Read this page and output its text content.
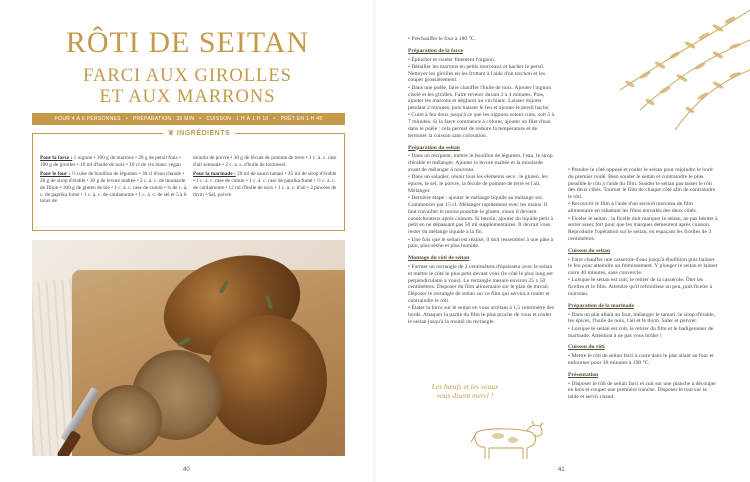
RÔTI DE SEITAN
FARCI AUX GIROLLES
ET AUX MARRONS
POUR 4 À 6 PERSONNES • PRÉPARATION : 35 MIN • CUISSON : 1 H À 1 H 10 • PRÊT EN 1 H 45
❦ INGRÉDIENTS

Pour la farce : 1 oignon • 100 g de marrons • 20 g de persil frais • 100 g de girolles • 10 ml d'huile de noix • 10 cl de vin blanc vegan

Pour le four : ½ cube de bouillon de légumes • 30 cl d'eau chaude • 20 g de sirop d'érable • 30 g de levure maltée • 2 c. à. c. de moutarde de Dijon • 300 g de gluten de blé • 1 c. à. c. rase de cumin • ¾ de c. à. c. de paprika fumé • 1 c. à. c. de cardamome • 1 c. à. c. de sel et 5 à 6 tours de

moulin de poivre • 30 g de fécule de pomme de terre • 1 c. à. c. rase d'ail semoule • 2 c. à. s. d'huile de tournesol

Pour la marinade : 20 ml de sauce tamari • 45 ml de sirop d'érable • 1 c. à. c. rase de cumin • 1 c. à. c. rase de paprika fumé • ½ c. à. c. de cardamome • 12 ml d'huile de noix • 1 c. à. c. d'ail • 2 pincées de thym • Sel, poivre

40

• Préchauffer le four à 180 °C.

Préparation de la farce

• Éplucher et ciseler finement l'oignon.

• Détailler les marrons en petits morceaux et hacher le persil. Nettoyer les girolles en les frottant à l'aide d'un torchon et les couper grossièrement.

• Dans une poêle, faire chauffer l'huile de noix. Ajouter l'oignon ciselé et les girolles. Faire revenir durant 3 à 4 minutes. Puis, ajouter les marrons et déglacer au vin blanc. Laisser mijoter pendant 2 minutes, puis baisser le feu et ajouter le persil haché.

• Cuire à feu doux jusqu'à ce que les oignons soient cuits, soit 5 à 7 minutes. Si la farce commence à colorer, ajouter un filet d'eau dans le poêle : cela permet de réduire la température et de terminer la cuisson sans coloration.

Préparation du seitan

• Dans un récipient, mettre le bouillon de légumes, l'eau, le sirop d'érable et mélanger. Ajouter la levure maltée et la moutarde avant de mélanger à nouveau.

• Dans un saladier, réunir tous les éléments secs : le gluten, les épices, le sel, le poivre, la fécule de pomme de terre et l'ail. Mélanger.

• Dernière étape : ajouter le mélange liquide au mélange sec. Commencer par 15 cl. Mélanger rapidement avec les mains. Il faut travailler le moins possible le gluten, sinon il devient caoutchouteux après cuisson. Si besoin, ajouter du liquide petit à petit en ne dépassant pas 50 ml supplémentaires. Il devrait vous rester du mélange liquide à la fin.

• Une fois que le seitan est réalisé, il doit ressembler à une pâte à pain, plus sèche et plus humide.

Montage du rôti de seitan

• Former un rectangle de 2 centimètres d'épaisseur avec le seitan et mettre le côté le plus petit devant vous (le côté le plus long est perpendiculaire à vous). Le rectangle mesure environ 25 x 50 centimètres. Disposer du film alimentaire sur le plan de travail. Déposer le rectangle de seitan sur ce film qui servira à rouler et contraindre le rôti.

• Étaler la farce sur le seitan en vous arrêtant à 1,5 centimètre des bords. Attaquer la partie du film le plus proche de vous et rouler le seitan jusqu'à la moitié du rectangle.

Les bœufs et les veaux
vous disent merci !

• Prendre le côté opposé et rouler le seitan pour rejoindre le bord du premier roulé. Bien souder le seitan et contraindre le plus possible le rôti à l'aide du film. Souder le seitan pas tasser le rôti des deux côtés. Tourner le film de chaque côté afin de contraindre le rôti.

• Recouvrir le film à l'aide d'un second morceau de film alimentaire en rabattant les films enroulés des deux côtés.

• Ficeler le seitan : la ficelle doit marquer le seitan, ne pas hésiter à serrer assez fort pour que les marques demeurent après cuisson. Reproduire l'opération sur le seitan, en espaçant les ficelles de 3 centimètres.

Cuisson du seitan

• Faire chauffer une casserole d'eau jusqu'à ébullition puis baisser le feu pour atteindre un frémissement. Y plonger le seitan et laisser cuire 40 minutes, sans couvercle.

• Lorsque le seitan est cuit, le retirer de la casserole. Ôter les ficelles et le film. Attendre qu'il refroidisse un peu, puis ficeler à nouveau.

Préparation de la marinade

• Dans un plat allant au four, mélanger le tamari, le sirop d'érable, les épices, l'huile de noix, l'ail et le thym. Saler et poivrer.

• Lorsque le seitan est cuit, le retirer du film et le badigeonner de marinade. Attention à ne pas vous brûler !

Cuisson du rôti

• Mettre le rôti de seitan farci à cuire dans le plat allant au four et enfourner pour 30 minutes à 190 °C.

Présentation

• Disposer le rôti de seitan farci et cuit sur une planche à découper en bois et couper une première tranche. Disposer le tout sur la table et servir chaud.

41
